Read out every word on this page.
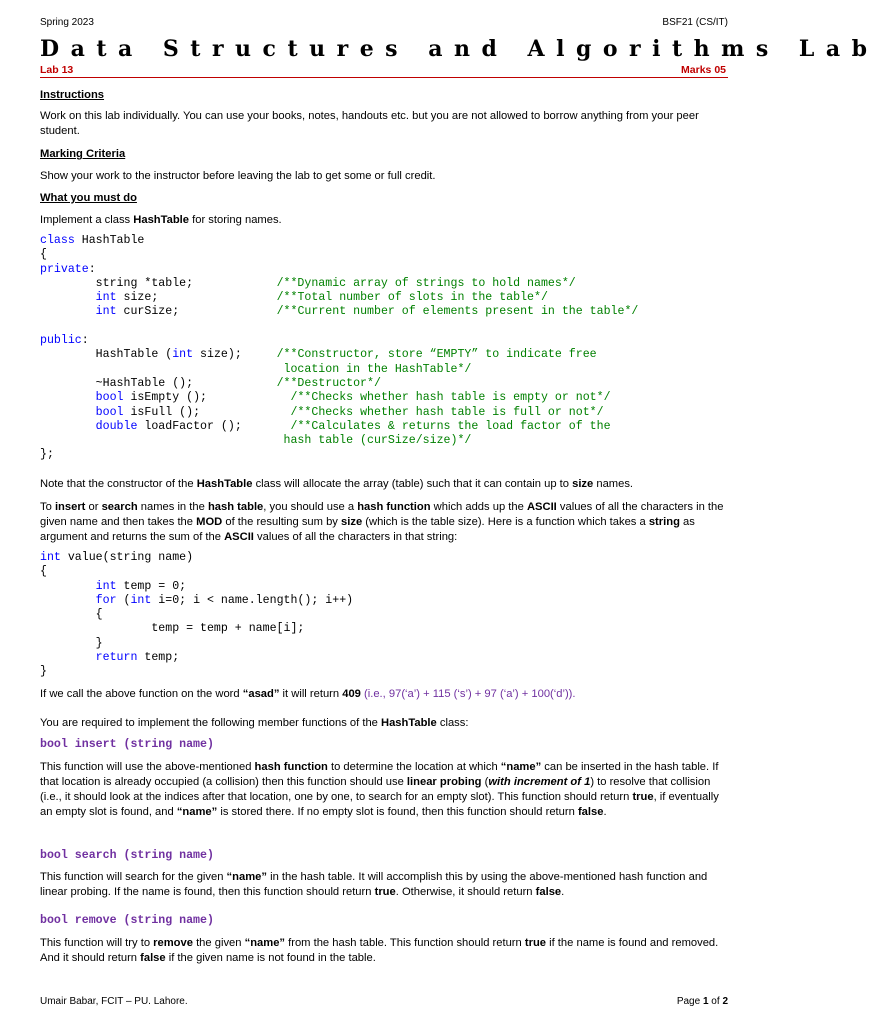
Spring 2023	BSF21 (CS/IT)
Data Structures and Algorithms Lab
Lab 13	Marks 05
Instructions
Work on this lab individually. You can use your books, notes, handouts etc. but you are not allowed to borrow anything from your peer student.
Marking Criteria
Show your work to the instructor before leaving the lab to get some or full credit.
What you must do
Implement a class HashTable for storing names.
class HashTable
{
private:
string *table;	/**Dynamic array of strings to hold names*/
int size;	/**Total number of slots in the table*/
int curSize;	/**Current number of elements present in the table*/

public:
HashTable (int size);	/**Constructor, store “EMPTY” to indicate free
location in the HashTable*/
~HashTable ();	/**Destructor*/
bool isEmpty ();	/**Checks whether hash table is empty or not*/
bool isFull ();	/**Checks whether hash table is full or not*/
double loadFactor ();	/**Calculates & returns the load factor of the
hash table (curSize/size)*/
};
Note that the constructor of the HashTable class will allocate the array (table) such that it can contain up to size names.
To insert or search names in the hash table, you should use a hash function which adds up the ASCII values of all the characters in the given name and then takes the MOD of the resulting sum by size (which is the table size). Here is a function which takes a string as argument and returns the sum of the ASCII values of all the characters in that string:
int value(string name)
{
int temp = 0;
for (int i=0; i < name.length(); i++)
{
temp = temp + name[i];
}
return temp;
}
If we call the above function on the word “asad” it will return 409 (i.e., 97(‘a’) + 115 (‘s’) + 97 (‘a’) + 100(‘d’)).
You are required to implement the following member functions of the HashTable class:
bool insert (string name)
This function will use the above-mentioned hash function to determine the location at which “name” can be inserted in the hash table. If that location is already occupied (a collision) then this function should use linear probing (with increment of 1) to resolve that collision (i.e., it should look at the indices after that location, one by one, to search for an empty slot). This function should return true, if eventually an empty slot is found, and “name” is stored there. If no empty slot is found, then this function should return false.
bool search (string name)
This function will search for the given “name” in the hash table. It will accomplish this by using the above-mentioned hash function and linear probing. If the name is found, then this function should return true. Otherwise, it should return false.
bool remove (string name)
This function will try to remove the given “name” from the hash table. This function should return true if the name is found and removed. And it should return false if the given name is not found in the table.
Umair Babar, FCIT – PU. Lahore.	Page 1 of 2
